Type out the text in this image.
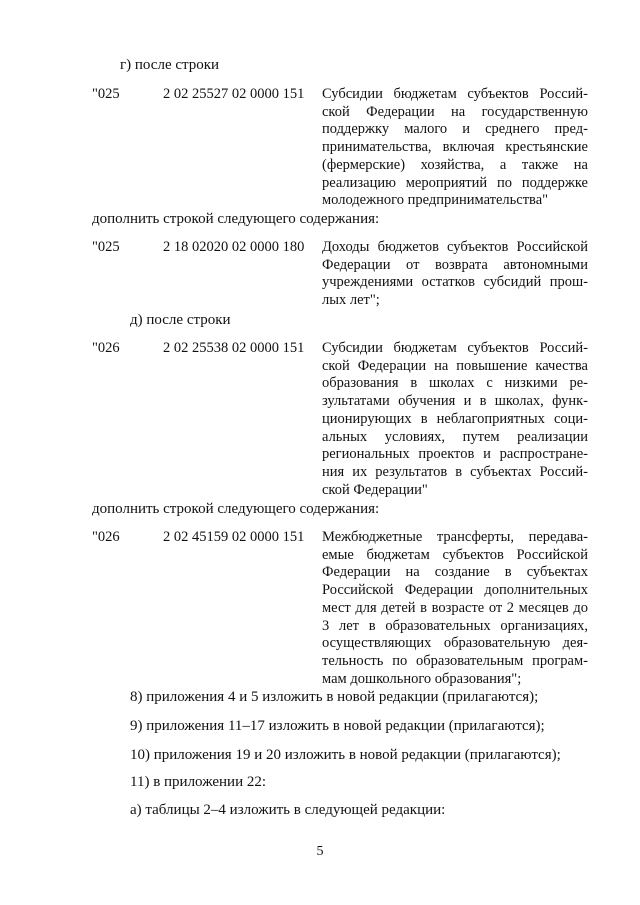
г) после строки
"025	2 02 25527 02 0000 151 Субсидии бюджетам субъектов Россий-
ской Федерации на государственную
поддержку малого и среднего пред-
принимательства, включая крестьянские
(фермерские) хозяйства, а также на
реализацию мероприятий по поддержке
молодежного предпринимательства"
дополнить строкой следующего содержания:
"025	2 18 02020 02 0000 180 Доходы бюджетов субъектов Российской
Федерации от возврата автономными
учреждениями остатков субсидий прош-
лых лет";
д) после строки
"026	2 02 25538 02 0000 151 Субсидии бюджетам субъектов Россий-
ской Федерации на повышение качества
образования в школах с низкими ре-
зультатами обучения и в школах, функ-
ционирующих в неблагоприятных соци-
альных условиях, путем реализации
региональных проектов и распростране-
ния их результатов в субъектах Россий-
ской Федерации"
дополнить строкой следующего содержания:
"026	2 02 45159 02 0000 151 Межбюджетные трансферты, передава-
емые бюджетам субъектов Российской
Федерации на создание в субъектах
Российской Федерации дополнительных
мест для детей в возрасте от 2 месяцев до
3 лет в образовательных организациях,
осуществляющих образовательную дея-
тельность по образовательным програм-
мам дошкольного образования";
8) приложения 4 и 5 изложить в новой редакции (прилагаются);
9) приложения 11–17 изложить в новой редакции (прилагаются);
10) приложения 19 и 20 изложить в новой редакции (прилагаются);
11) в приложении 22:
а) таблицы 2–4 изложить в следующей редакции:
5
